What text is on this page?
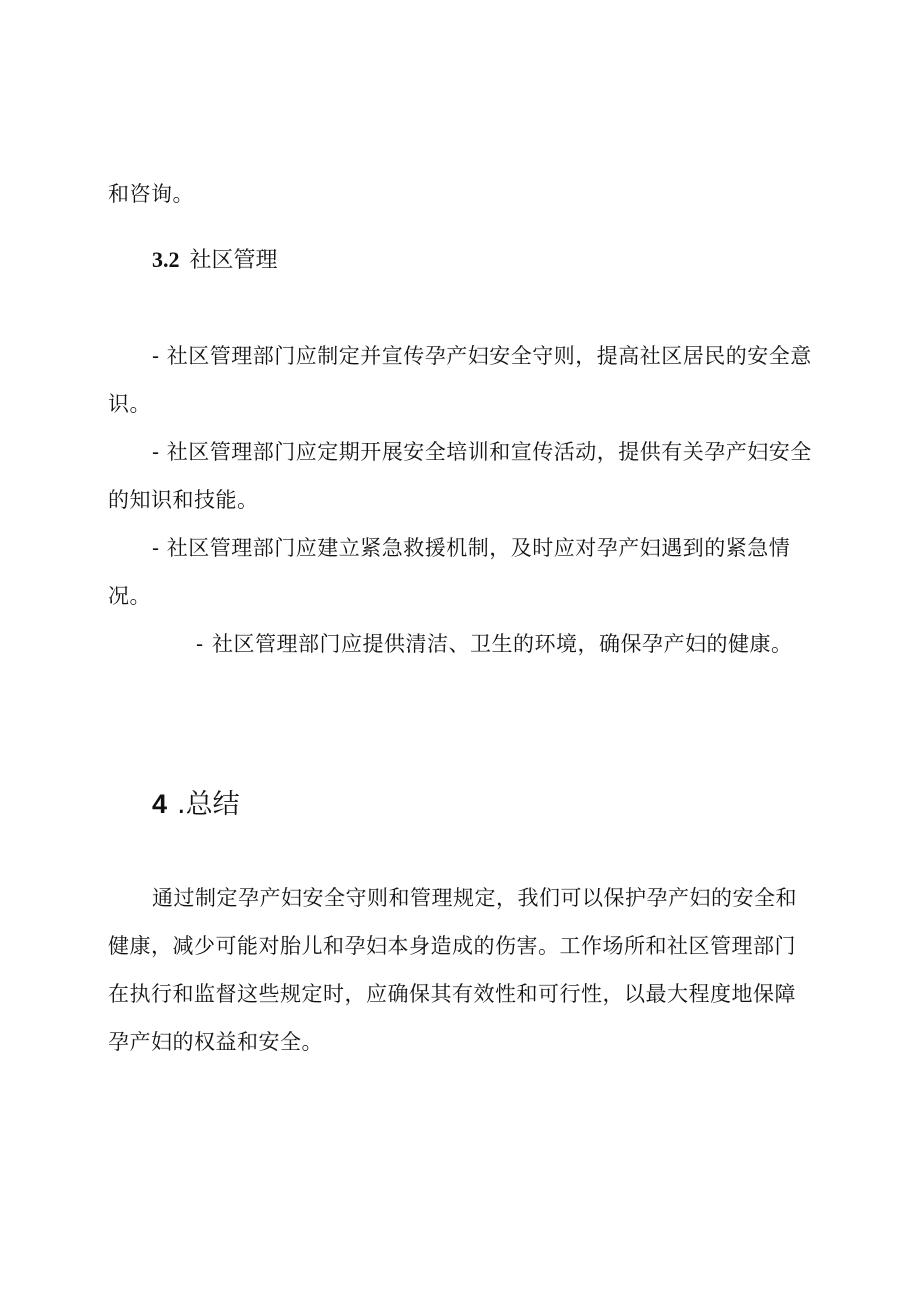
和咨询。

3.2 社区管理

- 社区管理部门应制定并宣传孕产妇安全守则，提高社区居民的安全意识。

- 社区管理部门应定期开展安全培训和宣传活动，提供有关孕产妇安全的知识和技能。

- 社区管理部门应建立紧急救援机制，及时应对孕产妇遇到的紧急情况。

- 社区管理部门应提供清洁、卫生的环境，确保孕产妇的健康。

4 .总结

通过制定孕产妇安全守则和管理规定，我们可以保护孕产妇的安全和健康，减少可能对胎儿和孕妇本身造成的伤害。工作场所和社区管理部门在执行和监督这些规定时，应确保其有效性和可行性，以最大程度地保障孕产妇的权益和安全。
